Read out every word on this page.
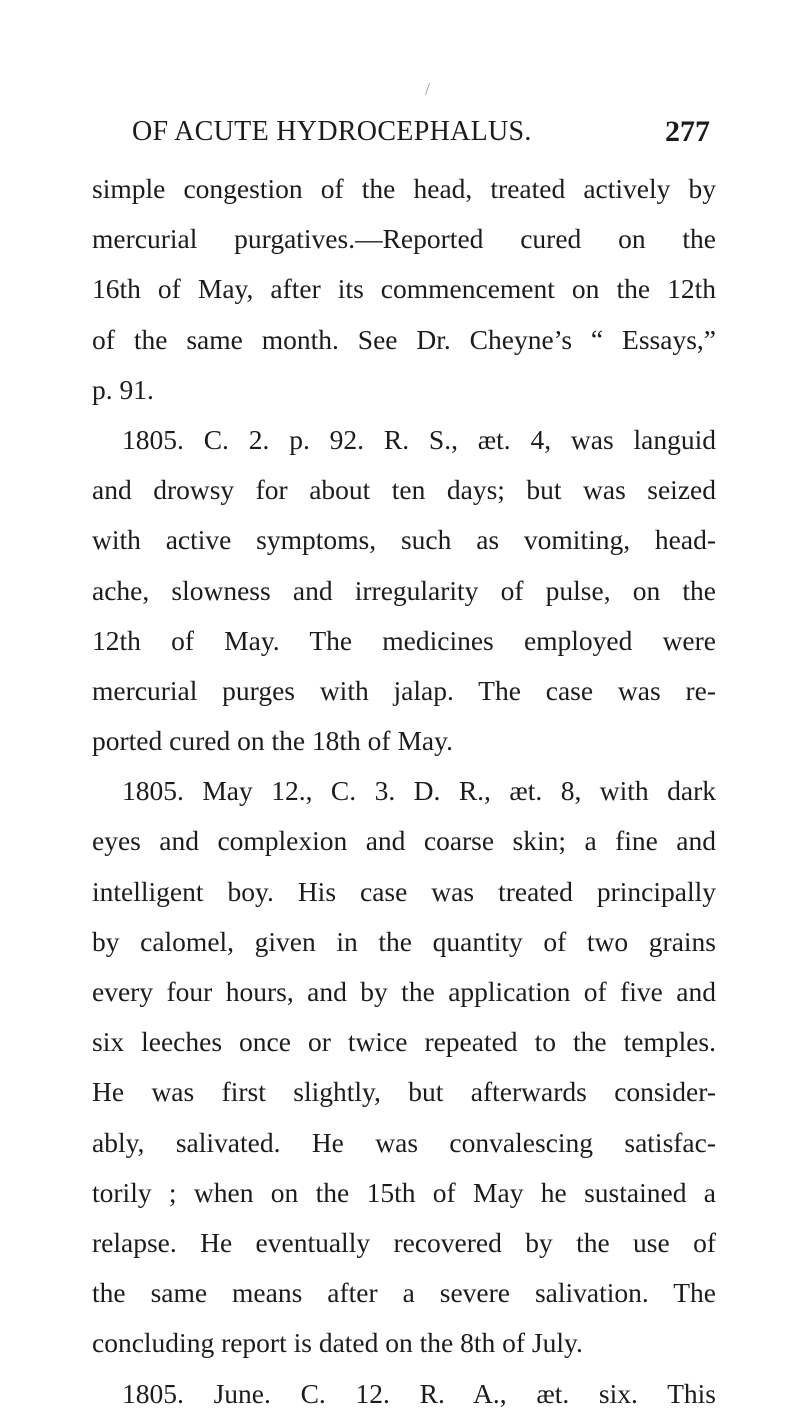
/
OF ACUTE HYDROCEPHALUS.	277
simple congestion of the head, treated actively by
mercurial purgatives.—Reported cured on the
16th of May, after its commencement on the 12th
of the same month. See Dr. Cheyne’s “ Essays,”
p. 91.
1805. C. 2. p. 92. R. S., æt. 4, was languid
and drowsy for about ten days; but was seized
with active symptoms, such as vomiting, head-
ache, slowness and irregularity of pulse, on the
12th of May. The medicines employed were
mercurial purges with jalap. The case was re-
ported cured on the 18th of May.
1805. May 12., C. 3. D. R., æt. 8, with dark
eyes and complexion and coarse skin; a fine and
intelligent boy. His case was treated principally
by calomel, given in the quantity of two grains
every four hours, and by the application of five and
six leeches once or twice repeated to the temples.
He was first slightly, but afterwards consider-
ably, salivated. He was convalescing satisfac-
torily ; when on the 15th of May he sustained a
relapse. He eventually recovered by the use of
the same means after a severe salivation. The
concluding report is dated on the 8th of July.
1805. June. C. 12. R. A., æt. six. This
